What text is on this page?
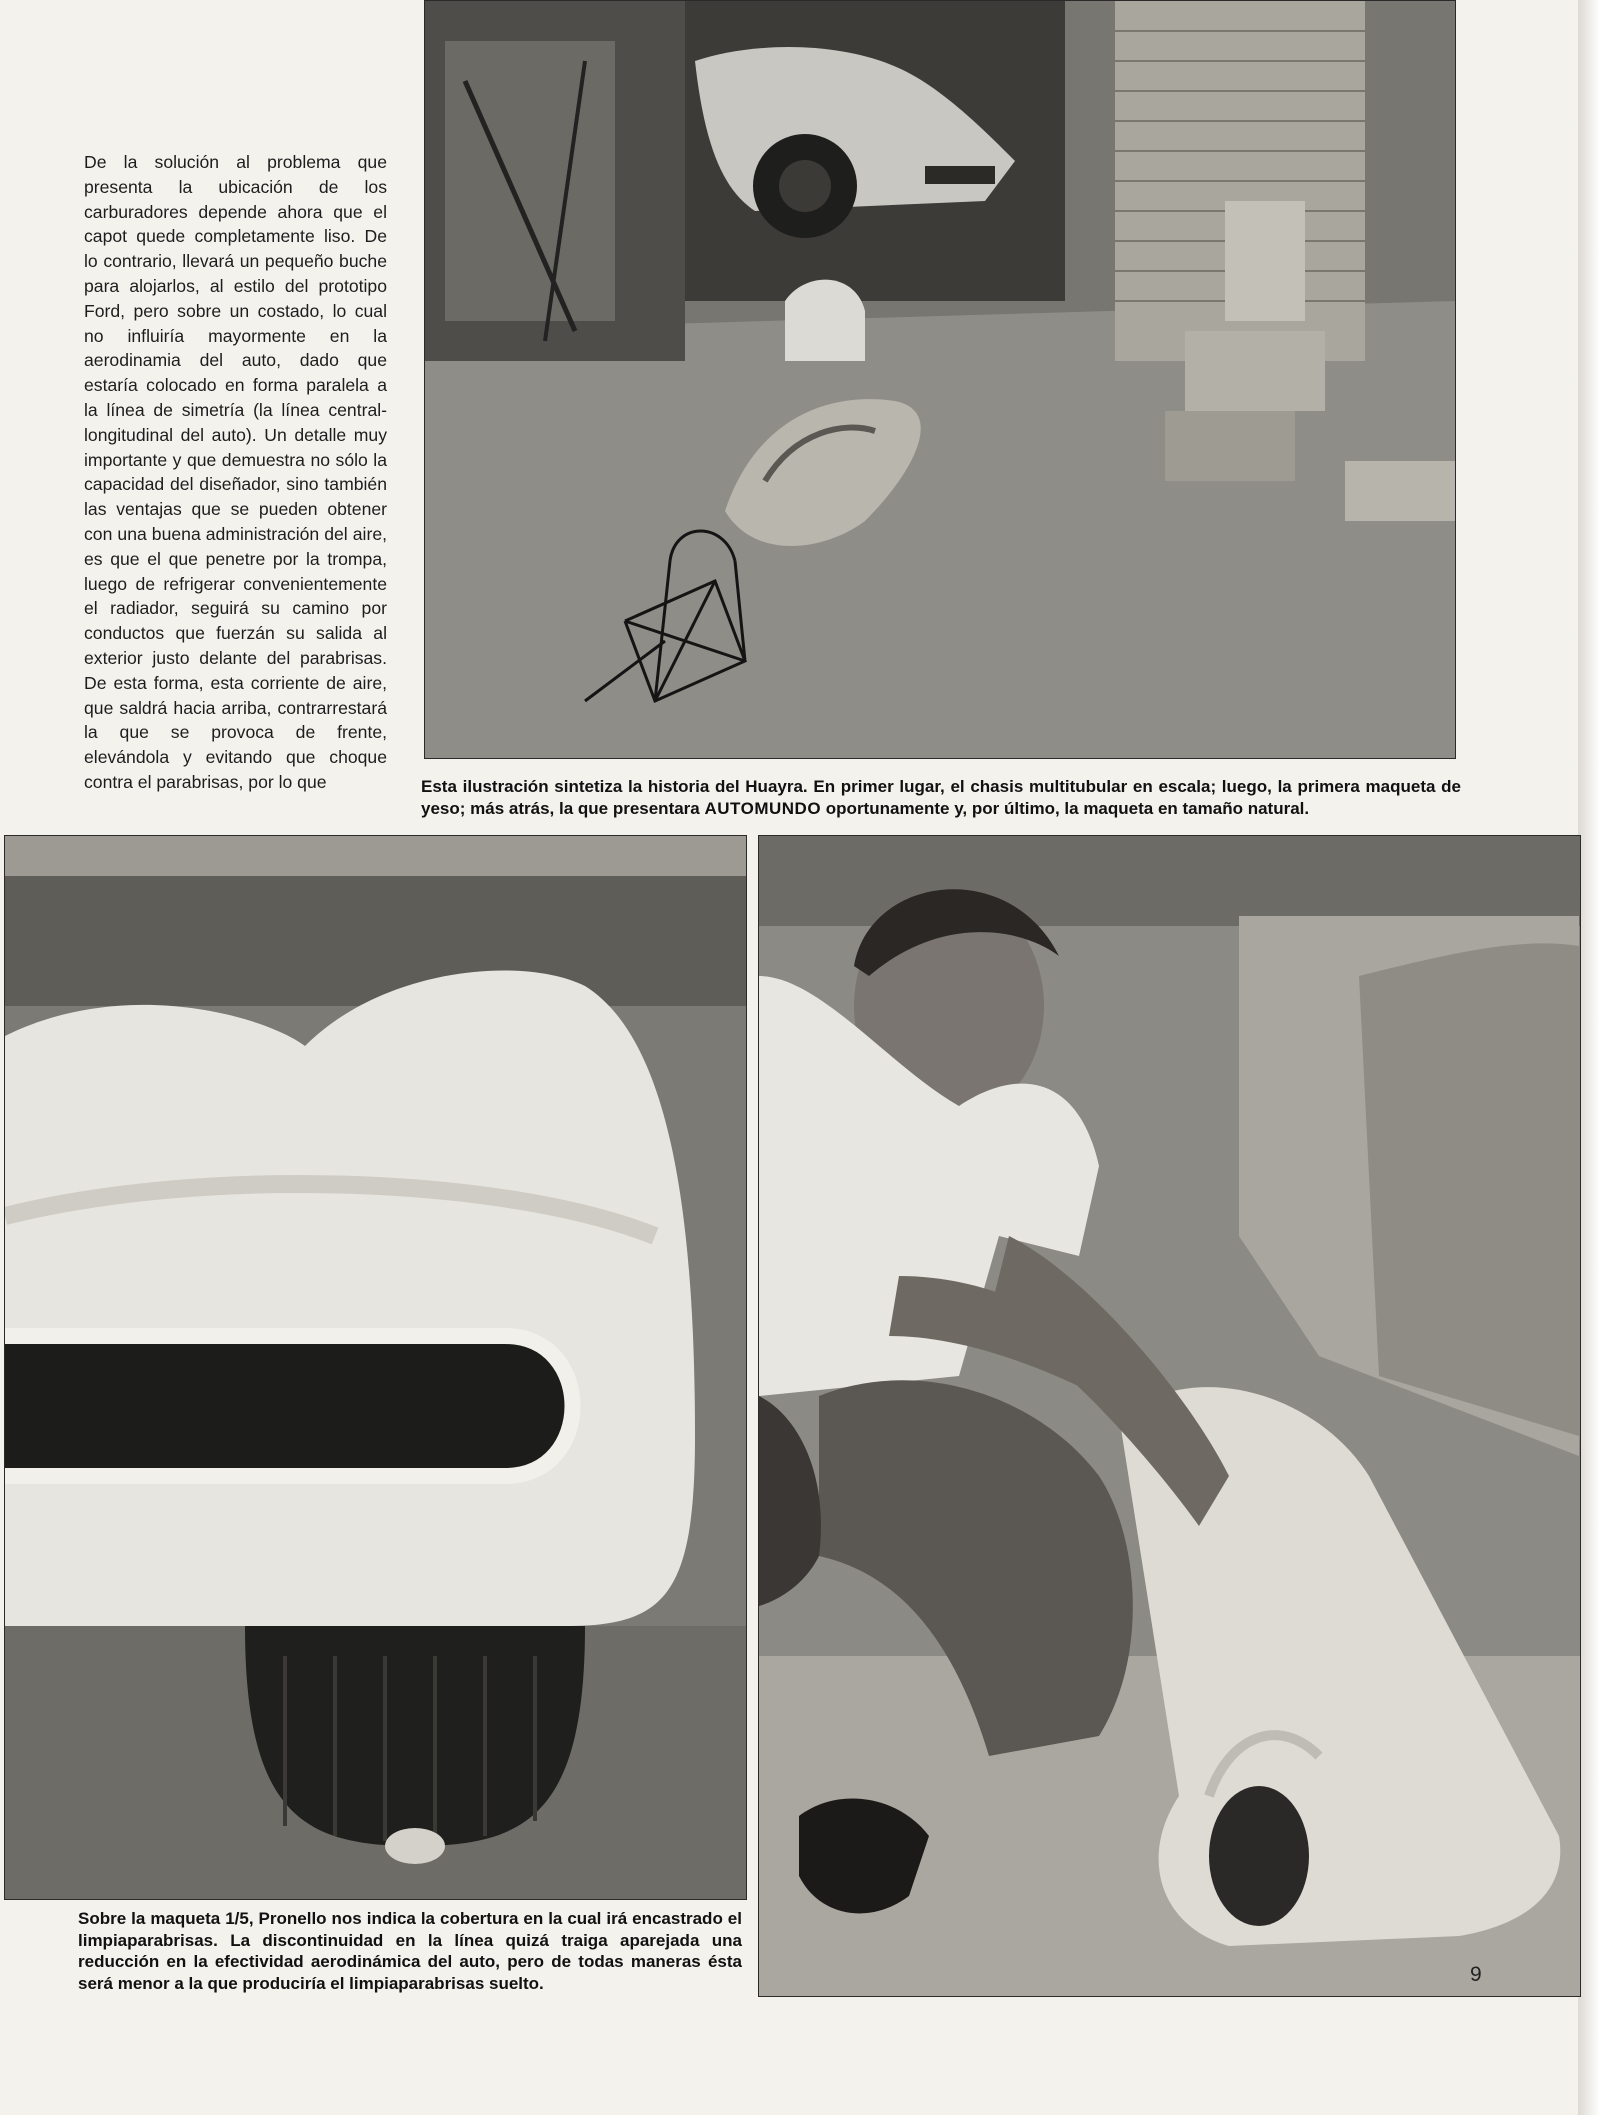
De la solución al problema que presenta la ubicación de los carburadores depende ahora que el capot quede completamente liso. De lo contrario, llevará un pequeño buche para alojarlos, al estilo del prototipo Ford, pero sobre un costado, lo cual no influiría mayormente en la aerodinamia del auto, dado que estaría colocado en forma paralela a la línea de simetría (la línea central-longitudinal del auto). Un detalle muy importante y que demuestra no sólo la capacidad del diseñador, sino también las ventajas que se pueden obtener con una buena administración del aire, es que el que penetre por la trompa, luego de refrigerar convenientemente el radiador, seguirá su camino por conductos que fuerzán su salida al exterior justo delante del parabrisas. De esta forma, esta corriente de aire, que saldrá hacia arriba, contrarrestará la que se provoca de frente, elevándola y evitando que choque contra el parabrisas, por lo que	Esta ilustración sintetiza la historia del Huayra. En primer lugar, el chasis multitubular en escala; luego, la primera maqueta de yeso; más atrás, la que presentara AUTOMUNDO oportunamente y, por último, la maqueta en tamaño natural.

Sobre la maqueta 1/5, Pronello nos indica la cobertura en la cual irá encastrado el limpiaparabrisas. La discontinuidad en la línea quizá traiga aparejada una reducción en la efectividad aerodinámica del auto, pero de todas maneras ésta será menor a la que produciría el limpiaparabrisas suelto.	9
